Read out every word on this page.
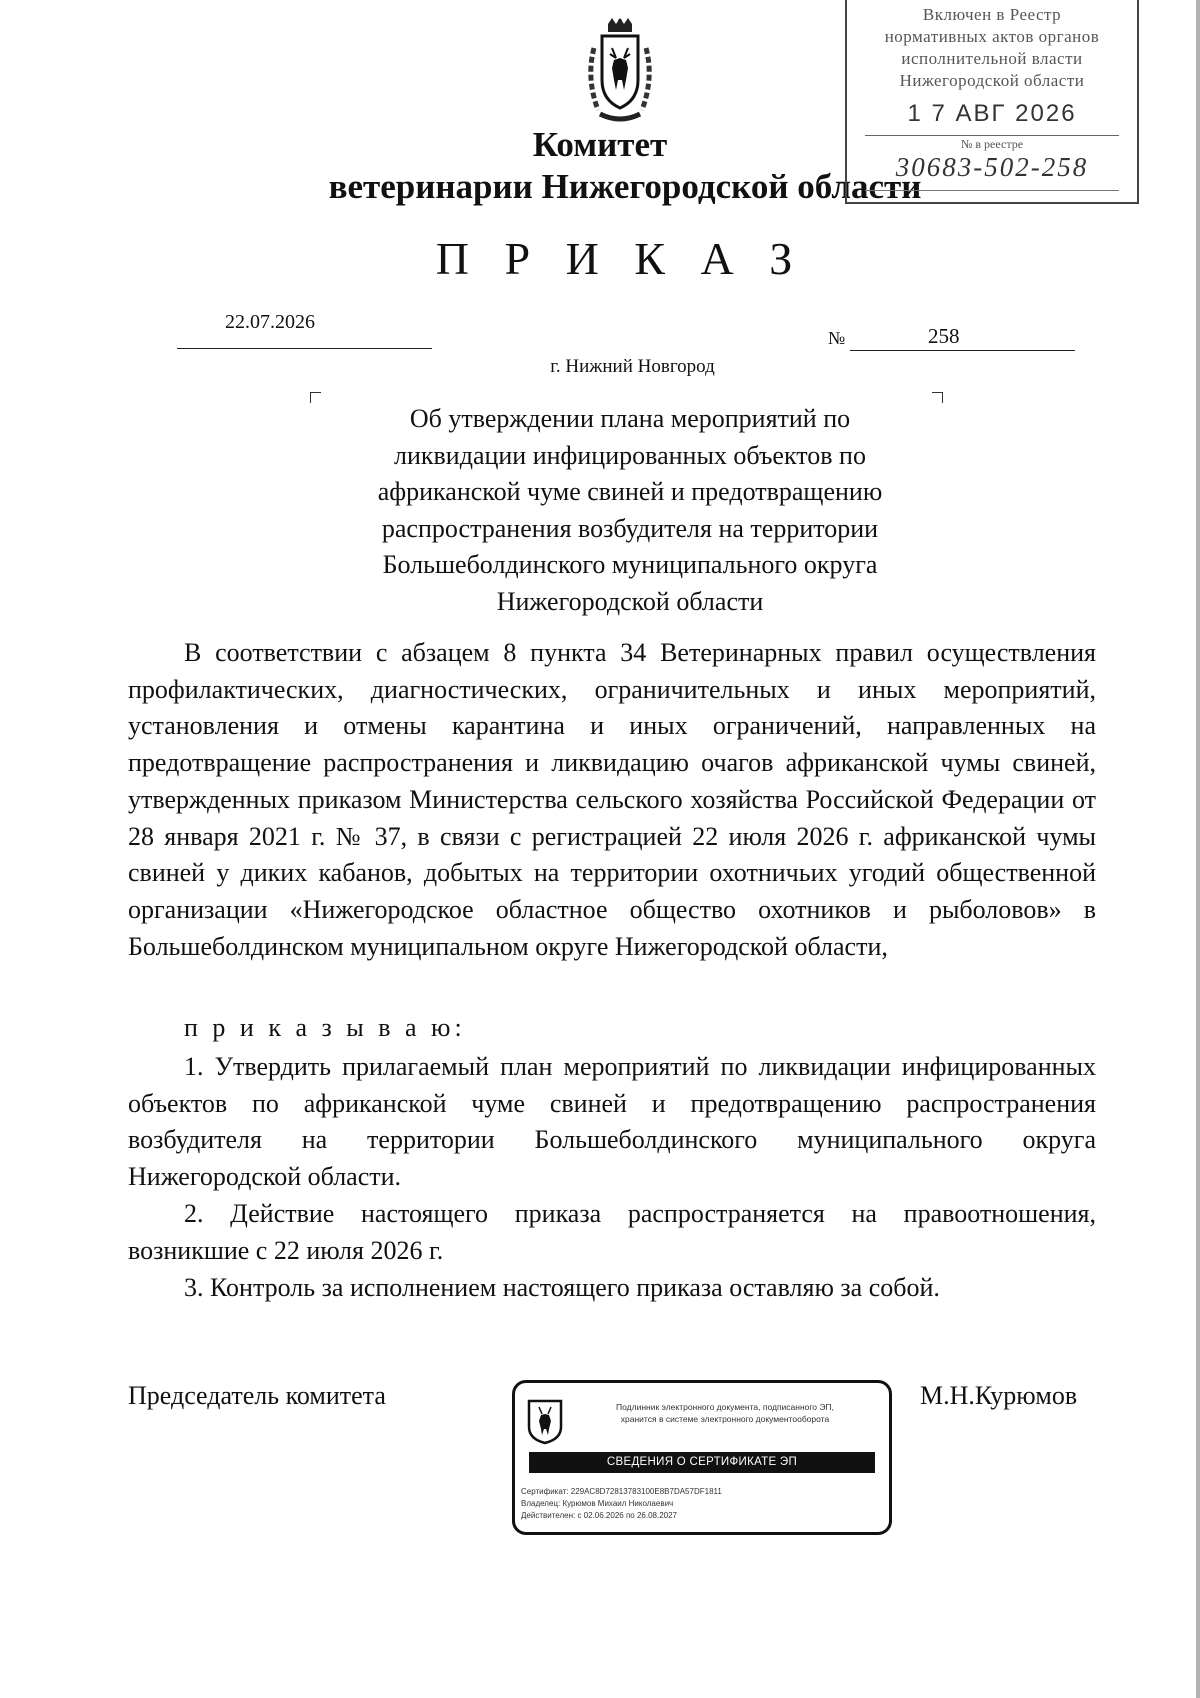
Комитет
ветеринарии Нижегородской области
Включен в Реестр
нормативных актов органов
исполнительной власти
Нижегородской области
1 7 АВГ 2026
№ в реестре
30683-502-258
П Р И К А З
22.07.2026
№	258
г. Нижний Новгород
Об утверждении плана мероприятий по
ликвидации инфицированных объектов по
африканской чуме свиней и предотвращению
распространения возбудителя на территории
Большеболдинского муниципального округа
Нижегородской области
В соответствии с абзацем 8 пункта 34 Ветеринарных правил осуществления профилактических, диагностических, ограничительных и иных мероприятий, установления и отмены карантина и иных ограничений, направленных на предотвращение распространения и ликвидацию очагов африканской чумы свиней, утвержденных приказом Министерства сельского хозяйства Российской Федерации от 28 января 2021 г. № 37, в связи с регистрацией 22 июля 2026 г. африканской чумы свиней у диких кабанов, добытых на территории охотничьих угодий общественной организации «Нижегородское областное общество охотников и рыболовов» в Большеболдинском муниципальном округе Нижегородской области,
п р и к а з ы в а ю:
1. Утвердить прилагаемый план мероприятий по ликвидации инфицированных объектов по африканской чуме свиней и предотвращению распространения возбудителя на территории Большеболдинского муниципального округа Нижегородской области.
2. Действие настоящего приказа распространяется на правоотношения, возникшие с 22 июля 2026 г.
3. Контроль за исполнением настоящего приказа оставляю за собой.
Председатель комитета	М.Н.Курюмов
Подлинник электронного документа, подписанного ЭП,
хранится в системе электронного документооборота
СВЕДЕНИЯ О СЕРТИФИКАТЕ ЭП
Сертификат: 229AC8D72813783100E8B7DA57DF1811
Владелец: Курюмов Михаил Николаевич
Действителен: с 02.06.2026 по 26.08.2027
